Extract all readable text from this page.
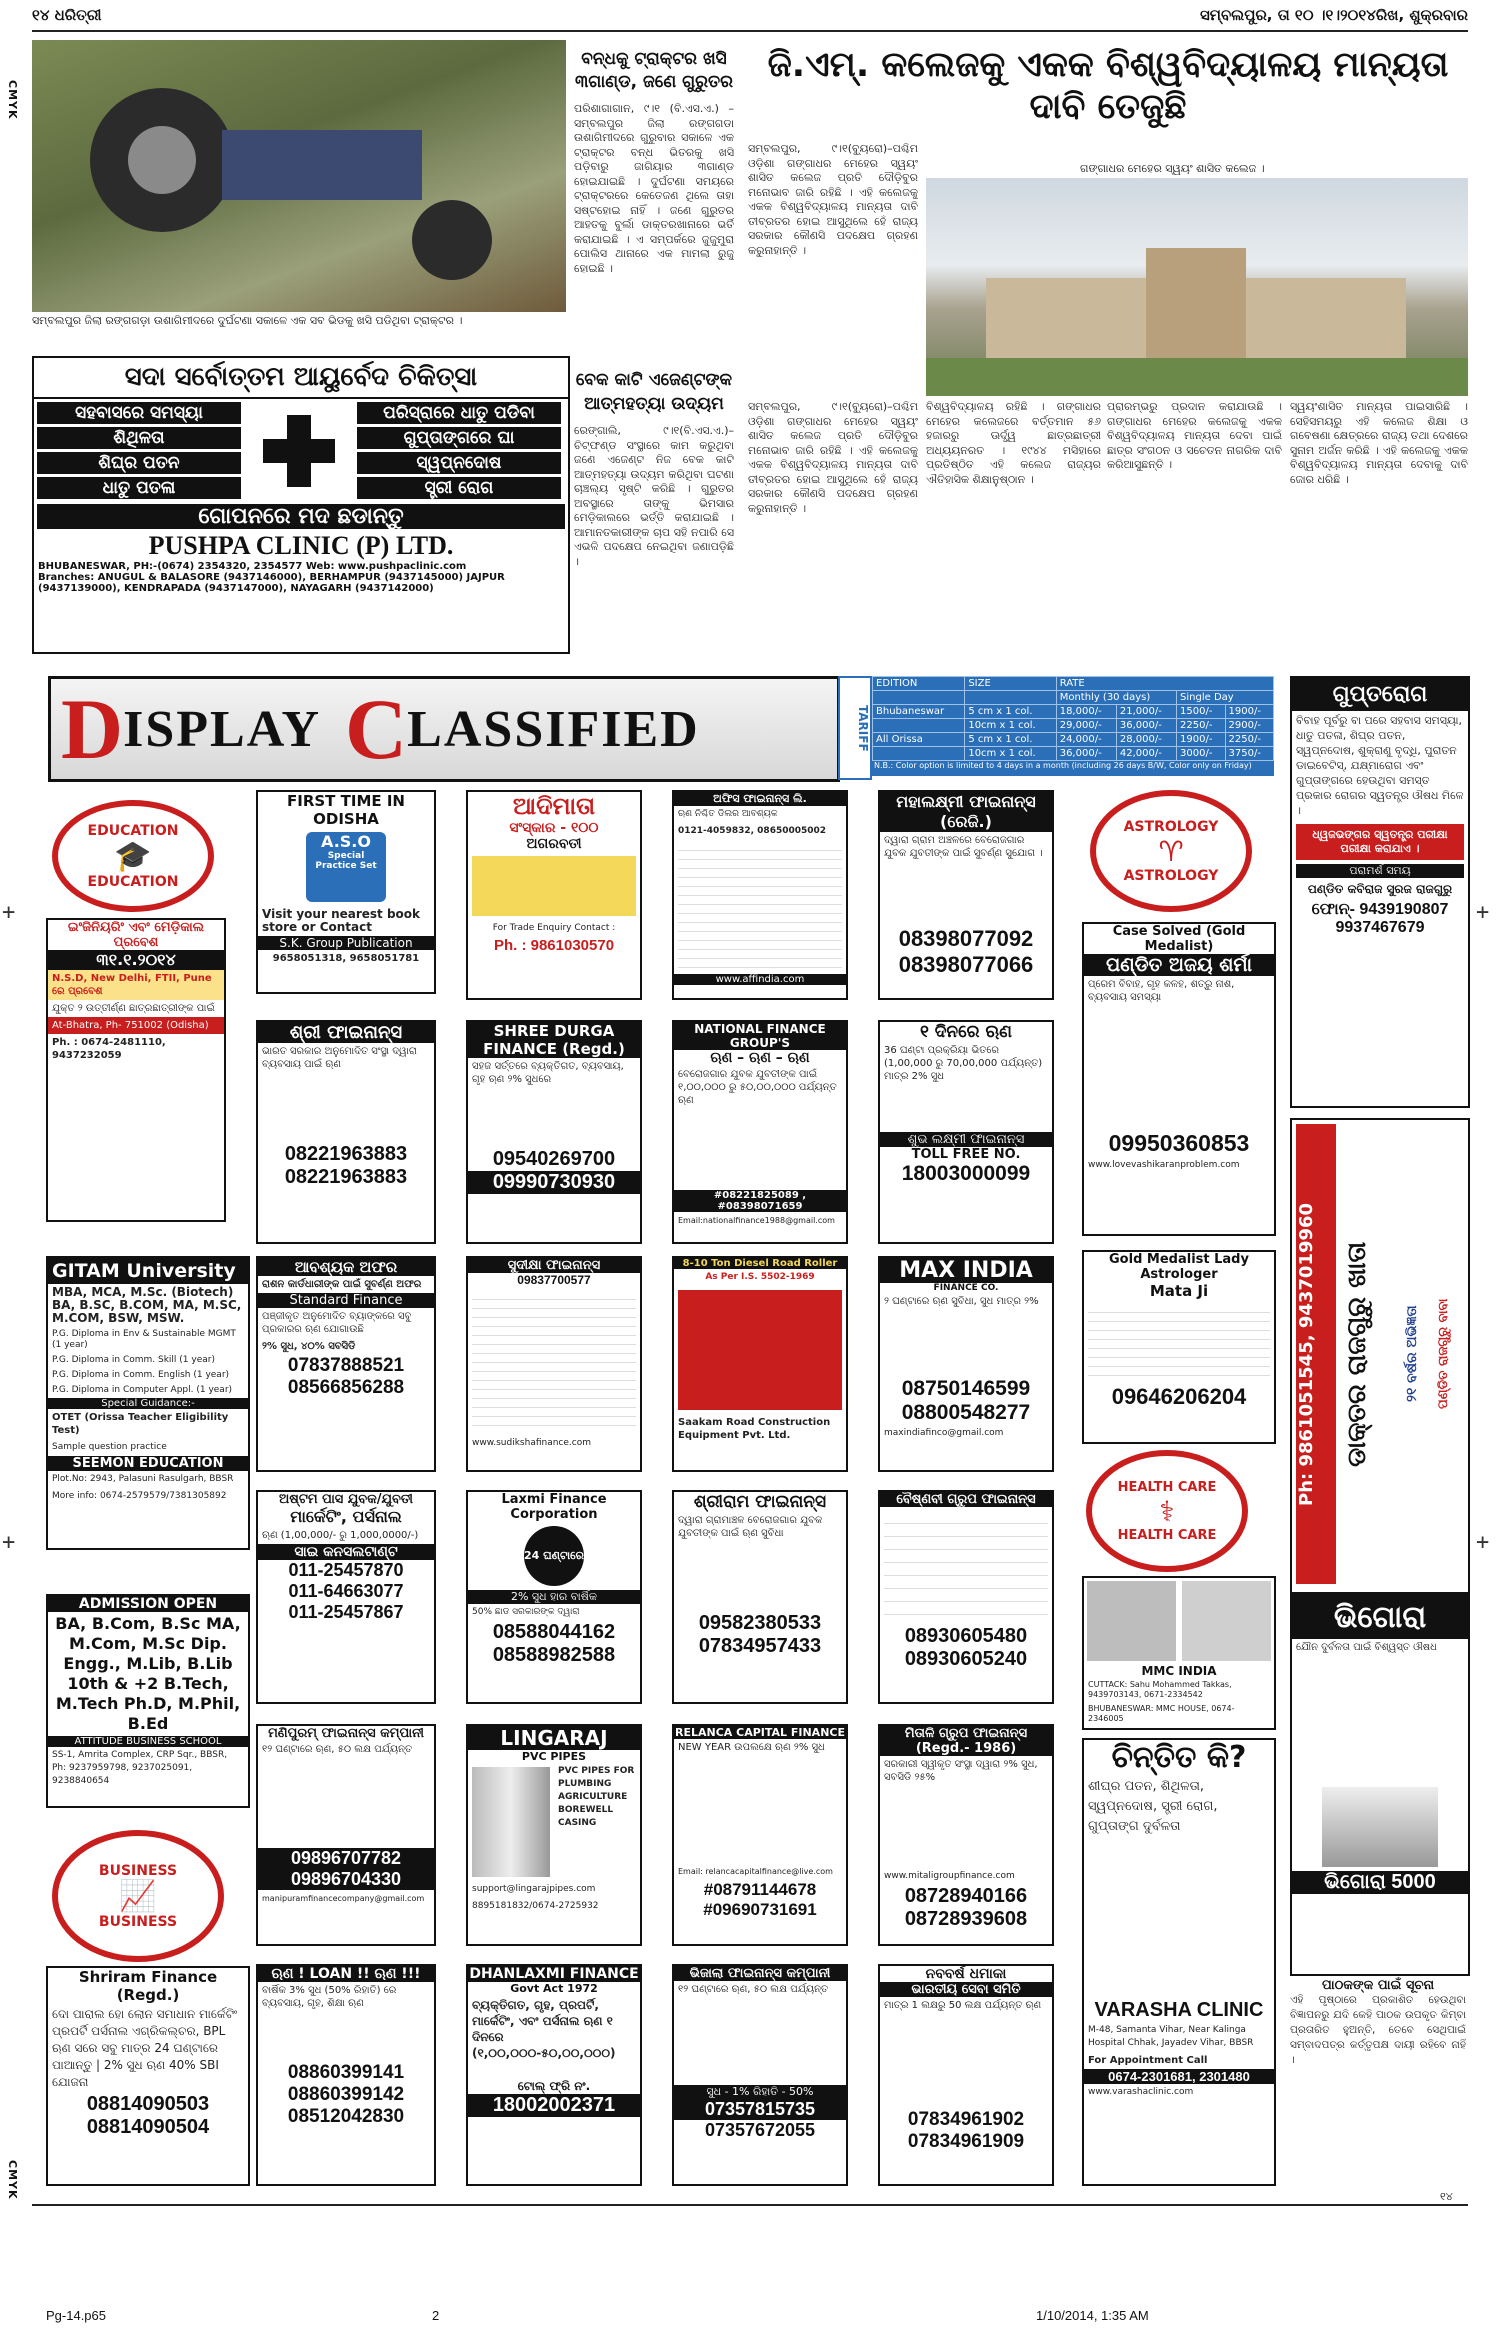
୧୪ ଧରିତ୍ରୀ	ସମ୍ବଲପୁର, ତା ୧୦ ।୧।୨୦୧୪ରିଖ, ଶୁକ୍ରବାର
CMYK
CMYK
+	+
+	+
ସମ୍ବଲପୁର ଜିଲା ରଙ୍ଗଗଡ଼ା ଉଶାଗିମୀଦରେ ଦୁର୍ଘଟଣା ସକାଳେ ଏକ ସବ ଭିଡକୁ ଖସି ପଡିଥିବା ଟ୍ରାକ୍ଟର ।
ବନ୍ଧକୁ ଟ୍ରାକ୍ଟର ଖସି ୩ଗାଣ୍ଡ, ଜଣେ ଗୁରୁତର
ପରିଶାଗାଗାନ, ୯।୧ (ବି.ଏସ.ଏ.) – ସମ୍ବଲପୁର ଜିଲା ରଙ୍ଗଗଡା ଉଶାଗିମୀଦରେ ଗୁରୁବାର ସକାଳେ ଏକ ଟ୍ରାକ୍ଟର ବନ୍ଧ ଭିତରକୁ ଖସି ପଡ଼ିବାରୁ ଜାଗିୟାର ୩ଗାଣ୍ଡ ହୋଇଯାଇଛି । ଦୁର୍ଘଟଣା ସମୟରେ ଟ୍ରାକ୍ଟରରେ କେତେଜଣ ଥିଲେ ତାହା ସଷ୍ଟହୋଇ ନାହିଁ । ଜଣେ ଗୁରୁତର ଆହତକୁ ବୁର୍ଲା ଡାକ୍ତରଖାନାରେ ଭର୍ତି କରାଯାଇଛି । ଏ ସମ୍ପର୍କରେ ଜୁଜୁମୁରା ପୋଲିସ ଥାନାରେ ଏକ ମାମଲା ରୁଜୁ ହୋଇଛି ।
ବେକ କାଟି ଏଜେଣ୍ଟଙ୍କ ଆତ୍ମହତ୍ୟା ଉଦ୍ୟମ
ରେଙ୍ଗାଲି, ୯।୧(ବି.ଏସ.ଏ.)–ଚିଟ୍‌ଫଣ୍ଡ ସଂସ୍ଥାରେ କାମ କରୁଥିବା ଜଣେ ଏଜେଣ୍ଟ ନିଜ ବେକ କାଟି ଆତ୍ମହତ୍ୟା ଉଦ୍ୟମ କରିଥିବା ଘଟଣା ଚାଞ୍ଚଲ୍ୟ ସୃଷ୍ଟି କରିଛି । ଗୁରୁତର ଅବସ୍ଥାରେ ତାଙ୍କୁ ଭିମସାର ମେଡ଼ିକାଲରେ ଭର୍ତ୍ତି କରାଯାଇଛି । ଆମାନତକାରୀଙ୍କ ଚାପ ସହି ନପାରି ସେ ଏଭଳି ପଦକ୍ଷେପ ନେଇଥିବା ଜଣାପଡ଼ିଛି ।
ସଦା ସର୍ବୋତ୍ତମ ଆୟୁର୍ବେଦ ଚିକିତ୍ସା
ସହବାସରେ ସମସ୍ୟା
ଶିଥିଳତା
ଶିଘ୍ର ପତନ
ଧାତୁ ପତଳା
ପରିସ୍ରାରେ ଧାତୁ ପଡିବା
ଗୁପ୍ତାଙ୍ଗରେ ଘା
ସ୍ୱପ୍ନଦୋଷ
ସ୍ତ୍ରୀ ରୋଗ
ଗୋପନରେ ମଦ ଛଡାନ୍ତୁ
PUSHPA CLINIC (P) LTD.
BHUBANESWAR, PH:-(0674) 2354320, 2354577 Web: www.pushpaclinic.com
Branches: ANUGUL & BALASORE (9437146000), BERHAMPUR (9437145000) JAJPUR (9437139000), KENDRAPADA (9437147000), NAYAGARH (9437142000)
ଜି.ଏମ୍. କଲେଜକୁ ଏକକ ବିଶ୍ୱବିଦ୍ୟାଳୟ ମାନ୍ୟତା ଦାବି ତେଜୁଛି
ସମ୍ବଲପୁର, ୯।୧(ବ୍ୟୁରୋ)–ପଶ୍ଚିମ ଓଡ଼ିଶା ଗଙ୍ଗାଧର ମେହେର ସ୍ୱୟଂ ଶାସିତ କଲେଜ ପ୍ରତି ଦୌଡ଼ିବୁର ମନୋଭାବ ଜାରି ରହିଛି । ଏହି କଲେଜକୁ ଏକକ ବିଶ୍ୱବିଦ୍ୟାଳୟ ମାନ୍ୟତା ଦାବି ତୀବ୍ରତର ହୋଇ ଆସୁଥିଲେ ହେଁ ରାଜ୍ୟ ସରକାର କୌଣସି ପଦକ୍ଷେପ ଗ୍ରହଣ କରୁନାହାନ୍ତି ।
ଗଙ୍ଗାଧର ମେହେର ସ୍ୱୟଂ ଶାସିତ କଲେଜ ।
ସମ୍ବଲପୁର, ୯।୧(ବ୍ୟୁରୋ)–ପଶ୍ଚିମ ଓଡ଼ିଶା ଗଙ୍ଗାଧର ମେହେର ସ୍ୱୟଂ ଶାସିତ କଲେଜ ପ୍ରତି ଦୌଡ଼ିବୁର ମନୋଭାବ ଜାରି ରହିଛି । ଏହି କଲେଜକୁ ଏକକ ବିଶ୍ୱବିଦ୍ୟାଳୟ ମାନ୍ୟତା ଦାବି ତୀବ୍ରତର ହୋଇ ଆସୁଥିଲେ ହେଁ ରାଜ୍ୟ ସରକାର କୌଣସି ପଦକ୍ଷେପ ଗ୍ରହଣ କରୁନାହାନ୍ତି ।
ବିଶ୍ୱବିଦ୍ୟାଳୟ ରହିଛି । ଗଙ୍ଗାଧର ମେହେର କଲେଜରେ ବର୍ତ୍ତମାନ ୫୬ ହଜାରରୁ ଊର୍ଦ୍ଧ୍ୱ ଛାତ୍ରଛାତ୍ରୀ ଅଧ୍ୟୟନରତ । ୧୯୪୪ ମସିହାରେ ପ୍ରତିଷ୍ଠିତ ଏହି କଲେଜ ରାଜ୍ୟର ଐତିହାସିକ ଶିକ୍ଷାନୁଷ୍ଠାନ ।
ପ୍ରାରମ୍ଭରୁ ପ୍ରଦାନ କରାଯାଉଛି । ଗଙ୍ଗାଧର ମେହେର କଲେଜକୁ ଏକକ ବିଶ୍ୱବିଦ୍ୟାଳୟ ମାନ୍ୟତା ଦେବା ପାଇଁ ଛାତ୍ର ସଂଗଠନ ଓ ସଚେତନ ନାଗରିକ ଦାବି କରିଆସୁଛନ୍ତି ।
ସ୍ୱୟଂଶାସିତ ମାନ୍ୟତା ପାଇସାରିଛି । ସେହିସମୟରୁ ଏହି କଲେଜ ଶିକ୍ଷା ଓ ଗବେଷଣା କ୍ଷେତ୍ରରେ ରାଜ୍ୟ ତଥା ଦେଶରେ ସୁନାମ ଅର୍ଜନ କରିଛି । ଏହି କଲେଜକୁ ଏକକ ବିଶ୍ୱବିଦ୍ୟାଳୟ ମାନ୍ୟତା ଦେବାକୁ ଦାବି ଜୋର ଧରିଛି ।
D ISPLAY C LASSIFIED	TARIFF
EDITION	SIZE	RATE			
		Monthly (30 days)		Single Day	
Bhubaneswar	5 cm x 1 col.	18,000/-	21,000/-	1500/-	1900/-
	10cm x 1 col.	29,000/-	36,000/-	2250/-	2900/-
All Orissa	5 cm x 1 col.	24,000/-	28,000/-	1900/-	2250/-
	10cm x 1 col.	36,000/-	42,000/-	3000/-	3750/-
N.B.: Color option is limited to 4 days in a month (including 26 days B/W, Color only on Friday)
ଗୁପ୍ତରୋଗ
ବିବାହ ପୂର୍ବରୁ ବା ପରେ ସହବାସ ସମସ୍ୟା, ଧାତୁ ପତଳା, ଶିଘ୍ର ପତନ, ସ୍ୱପ୍ନଦୋଷ, ଶୁକ୍ରାଣୁ ବୃଦ୍ଧି, ପୁରାତନ ଡାଇବେଟିସ୍, ଯକ୍ଷ୍ମାରୋଗ ଏବଂ ଗୁପ୍ତାଙ୍ଗରେ ହେଉଥିବା ସମସ୍ତ ପ୍ରକାର ରୋଗର ସ୍ୱତନ୍ତ୍ର ଔଷଧ ମିଳେ ।
ଧ୍ୱଜଭଙ୍ଗର ସ୍ୱତନ୍ତ୍ର ପରୀକ୍ଷା ପରୀକ୍ଷା କରାଯାଏ ।
ପରାମର୍ଶ ସମୟ
ପଣ୍ଡିତ କବିରାଜ ସୁରଜ ରାଜଗୁରୁ
ଫୋନ୍- 9439190807
9937467679
EDUCATION
🎓
EDUCATION
ଇଂଜିନିୟରିଂ ଏବଂ ମେଡ଼ିକାଲ ପ୍ରବେଶ
୩୧.୧.୨୦୧୪
N.S.D, New Delhi, FTII, Pune ରେ ପ୍ରବେଶ
ଯୁକ୍ତ ୨ ଉତ୍ତୀର୍ଣ୍ଣ ଛାତ୍ରଛାତ୍ରୀଙ୍କ ପାଇଁ
At-Bhatra, Ph- 751002 (Odisha)
Ph. : 0674-2481110, 9437232059
GITAM University
MBA, MCA, M.Sc. (Biotech) BA, B.SC, B.COM, MA, M.SC, M.COM, BSW, MSW.
P.G. Diploma in Env & Sustainable MGMT (1 year)
P.G. Diploma in Comm. Skill (1 year)
P.G. Diploma in Comm. English (1 year)
P.G. Diploma in Computer Appl. (1 year)
Special Guidance:-
OTET (Orissa Teacher Eligibility Test)
Sample question practice
SEEMON EDUCATION
Plot.No: 2943, Palasuni Rasulgarh, BBSR
More info: 0674-2579579/7381305892
ADMISSION OPEN
BA, B.Com, B.Sc MA, M.Com, M.Sc Dip. Engg., M.Lib, B.Lib 10th & +2 B.Tech, M.Tech Ph.D, M.Phil, B.Ed
ATTITUDE BUSINESS SCHOOL
SS-1, Amrita Complex, CRP Sqr., BBSR, Ph: 9237959798, 9237025091, 9238840654
BUSINESS
📈
BUSINESS
Shriram Finance (Regd.)
ଦୋ ପାରାଲ ହୋ ଲୋନ ସମାଧାନ ମାର୍କେଟିଂ ପ୍ରପର୍ଟି ପର୍ସନାଲ ଏଗ୍ରିକଲ୍ଚର, BPL ଋଣ ସରେ ସବୁ ମାତ୍ର 24 ଘଣ୍ଟାରେ ପାଆନ୍ତୁ | 2% ସୁଧ ଋଣ 40% SBI ଯୋଜନା
08814090503
08814090504
FIRST TIME IN ODISHA
A.S.O
Special Practice Set
Visit your nearest book store or Contact
S.K. Group Publication
9658051318, 9658051781
ଶ୍ରୀ ଫାଇନାନ୍ସ
ଭାରତ ସରକାର ଅନୁମୋଦିତ ସଂସ୍ଥା ଦ୍ୱାରା ବ୍ୟବସାୟ ପାଇଁ ଋଣ
08221963883
08221963883
ଆବଶ୍ୟକ ଅଫର
ରାଶନ କାର୍ଡଧାରୀଙ୍କ ପାଇଁ ସୁବର୍ଣ୍ଣ ଅଫର
Standard Finance
ପଞ୍ଜୀକୃତ ଅନୁମୋଦିତ ବ୍ୟାଙ୍କରେ ସବୁ ପ୍ରକାରର ଋଣ ଯୋଗାଉଛି
୨% ସୁଧ, ୪୦% ସବସିଡି
07837888521
08566856288
ଅଷ୍ଟମ ପାସ ଯୁବକ/ଯୁବତୀ
ମାର୍କେଟିଂ, ପର୍ସନାଲ
ଋଣ (1,00,000/- ରୁ 1,000,0000/-)
ସାଇ କନସଲଟାଣ୍ଟ
011-25457870
011-64663077
011-25457867
ମଣିପୁରମ୍ ଫାଇନାନ୍ସ କମ୍ପାନୀ
୧୨ ଘଣ୍ଟାରେ ଋଣ, ୫୦ ଲକ୍ଷ ପର୍ଯ୍ୟନ୍ତ
09896707782
09896704330
manipuramfinancecompany@gmail.com
ଋଣ ! LOAN !! ଋଣ !!!
ବାର୍ଷିକ 3% ସୁଧ (50% ରିହାତି) ରେ ବ୍ୟବସାୟ, ଗୃହ, ଶିକ୍ଷା ଋଣ
08860399141
08860399142
08512042830
ଆଦିମାତା
ସଂସ୍କାର - ୧୦୦
ଅଗରବତୀ
For Trade Enquiry Contact :
Ph. : 9861030570
SHREE DURGA FINANCE (Regd.)
ସହଜ ସର୍ତ୍ତରେ ବ୍ୟକ୍ତିଗତ, ବ୍ୟବସାୟ, ଗୃହ ଋଣ ୨% ସୁଧରେ
09540269700
09990730930
ସୁଦୀକ୍ଷା ଫାଇନାନ୍ସ
09837700577
www.sudikshafinance.com
Laxmi Finance Corporation
24 ଘଣ୍ଟାରେ
2% ସୁଧ ହାର ବାର୍ଷିକ
50% ଛାଡ ସରକାରଙ୍କ ଦ୍ୱାରା
08588044162
08588982588
LINGARAJ
PVC PIPES
PVC PIPES FOR PLUMBING AGRICULTURE BOREWELL CASING
support@lingarajpipes.com
8895181832/0674-2725932
DHANLAXMI FINANCE
Govt Act 1972
ବ୍ୟକ୍ତିଗତ, ଗୃହ, ପ୍ରପର୍ଟି, ମାର୍କେଟିଂ, ଏବଂ ପର୍ସନାଲ ଋଣ ୧ ଦିନରେ (୧,୦୦,୦୦୦-୫୦,୦୦,୦୦୦)
ଟୋଲ୍ ଫ୍ରି ନଂ.
18002002371
ଅଫିସ ଫାଇନାନ୍ସ ଲି.
ଋଣ ନିଶ୍ଚିତ ଡିଲର ଆବଶ୍ୟକ
0121-4059832, 08650005002
www.affindia.com
NATIONAL FINANCE GROUP'S
ଋଣ – ଋଣ – ଋଣ
ବେରୋଜଗାର ଯୁବକ ଯୁବତୀଙ୍କ ପାଇଁ ୧,୦୦,୦୦୦ ରୁ ୫୦,୦୦,୦୦୦ ପର୍ଯ୍ୟନ୍ତ ଋଣ
#08221825089 , #08398071659
Email:nationalfinance1988@gmail.com
8-10 Ton Diesel Road Roller
As Per I.S. 5502-1969
Saakam Road Construction Equipment Pvt. Ltd.
ଶ୍ରୀରାମ ଫାଇନାନ୍ସ
ଦ୍ୱାରା ଗ୍ରାମାଞ୍ଚଳ ବେରୋଜଗାର ଯୁବକ ଯୁବତୀଙ୍କ ପାଇଁ ଋଣ ସୁବିଧା
09582380533
07834957433
RELANCA CAPITAL FINANCE
NEW YEAR ଉପଲକ୍ଷେ ଋଣ ୨% ସୁଧ
Email: relancacapitalfinance@live.com
#08791144678
#09690731691
ଭିଜାଲା ଫାଇନାନ୍ସ କମ୍ପାନୀ
୧୨ ଘଣ୍ଟାରେ ଋଣ, ୫୦ ଲକ୍ଷ ପର୍ଯ୍ୟନ୍ତ
ସୁଧ - 1% ରିହାତି - 50%
07357815735
07357672055
ମହାଲକ୍ଷ୍ମୀ ଫାଇନାନ୍ସ (ରେଜି.)
ଦ୍ୱାରା ଗ୍ରାମ ଅଞ୍ଚଳରେ ବେରୋଜଗାର ଯୁବକ ଯୁବତୀଙ୍କ ପାଇଁ ସୁବର୍ଣ୍ଣ ସୁଯୋଗ ।
08398077092
08398077066
୧ ଦିନରେ ଋଣ
36 ଘଣ୍ଟା ପ୍ରକ୍ରିୟା ଭିତରେ (1,00,000 ରୁ 70,00,000 ପର୍ଯ୍ୟନ୍ତ) ମାତ୍ର 2% ସୁଧ
ଶୁଭ ଲକ୍ଷ୍ମୀ ଫାଇନାନ୍ସ
TOLL FREE NO.
18003000099
MAX INDIA
FINANCE CO.
୨ ଘଣ୍ଟାରେ ଋଣ ସୁବିଧା, ସୁଧ ମାତ୍ର ୨%
08750146599
08800548277
maxindiafinco@gmail.com
ବୈଷ୍ଣବୀ ଗ୍ରୁପ ଫାଇନାନ୍ସ
08930605480
08930605240
ମିତାଳି ଗ୍ରୁପ ଫାଇନାନ୍ସ (Regd.- 1986)
ସରକାରୀ ସ୍ୱୀକୃତ ସଂସ୍ଥା ଦ୍ୱାରା ୨% ସୁଧ, ସବସିଡି ୨୫%
www.mitaligroupfinance.com
08728940166
08728939608
ନବବର୍ଷ ଧମାକା
ଭାରତୀୟ ସେବା ସମିତି
ମାତ୍ର 1 ଲକ୍ଷରୁ 50 ଲକ୍ଷ ପର୍ଯ୍ୟନ୍ତ ଋଣ
07834961902
07834961909
ASTROLOGY
♈
ASTROLOGY
Case Solved (Gold Medalist)
ପଣ୍ଡିତ ଅଜୟ ଶର୍ମା
ପ୍ରେମ ବିବାହ, ଗୃହ କଳହ, ଶତ୍ରୁ ନାଶ, ବ୍ୟବସାୟ ସମସ୍ୟା
09950360853
www.lovevashikaranproblem.com
Gold Medalist Lady Astrologer
Mata Ji
09646206204
HEALTH CARE
⚕
HEALTH CARE
MMC INDIA
CUTTACK: Sahu Mohammed Takkas, 9439703143, 0671-2334542
BHUBANESWAR: MMC HOUSE, 0674-2346005
ଚିନ୍ତିତ କି?
ଶୀଘ୍ର ପତନ, ଶିଥିଳତା, ସ୍ୱପ୍ନଦୋଷ, ସ୍ତ୍ରୀ ରୋଗ, ଗୁପ୍ତାଙ୍ଗ ଦୁର୍ବଳତା
VARASHA CLINIC
M-48, Samanta Vihar, Near Kalinga Hospital Chhak, Jayadev Vihar, BBSR
For Appointment Call
0674-2301681, 2301480
www.varashaclinic.com
Ph: 9861051545, 9437019960 ଡାକ୍ତର ରାଜଗୁରୁ ଖାତା	୨୧ ବର୍ଷର ଅଭିଜ୍ଞତା	ପଣ୍ଡିତ ରାଜଗୁରୁ ବାବା
ଭିଗୋରା
ଯୌନ ଦୁର୍ବଳତା ପାଇଁ ବିଶ୍ୱସ୍ତ ଔଷଧ
ଭିଗୋରା 5000
ପାଠକଙ୍କ ପାଇଁ ସୂଚନା
ଏହି ପୃଷ୍ଠାରେ ପ୍ରକାଶିତ ହେଉଥିବା ବିଜ୍ଞାପନରୁ ଯଦି କେହି ପାଠକ ଉପକୃତ କିମ୍ବା ପ୍ରତାରିତ ହୁଅନ୍ତି, ତେବେ ସେଥିପାଇଁ ସମ୍ବାଦପତ୍ର କର୍ତ୍ତୃପକ୍ଷ ଦାୟୀ ରହିବେ ନାହିଁ ।
୧୪
Pg-14.p65	2	1/10/2014, 1:35 AM
